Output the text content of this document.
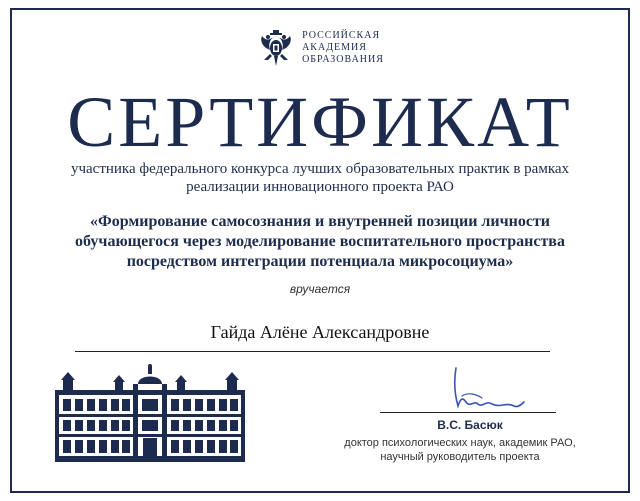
РОССИЙСКАЯ
АКАДЕМИЯ
ОБРАЗОВАНИЯ
СЕРТИФИКАТ
участника федерального конкурса лучших образовательных практик в рамках
реализации инновационного проекта РАО
«Формирование самосознания и внутренней позиции личности
обучающегося через моделирование воспитательного пространства
посредством интеграции потенциала микросоциума»
вручается
Гайда Алёне Александровне
В.С. Басюк
доктор психологических наук, академик РАО,
научный руководитель проекта
